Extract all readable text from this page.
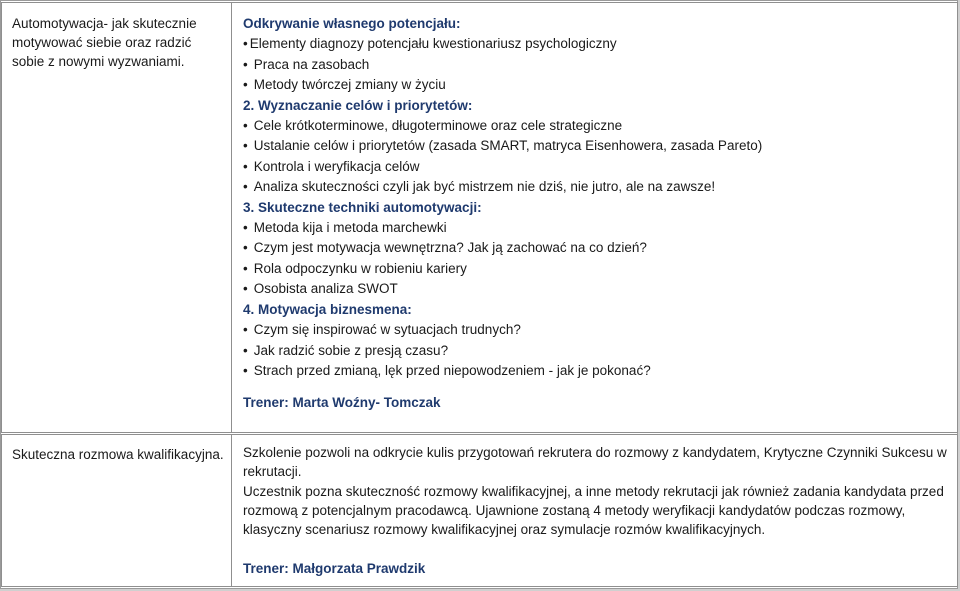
Automotywacja- jak skutecznie motywować siebie oraz radzić sobie z nowymi wyzwaniami.
Odkrywanie własnego potencjału:
• Elementy diagnozy potencjału kwestionariusz psychologiczny
• Praca na zasobach
• Metody twórczej zmiany w życiu
2. Wyznaczanie celów i priorytetów:
• Cele krótkoterminowe, długoterminowe oraz cele strategiczne
• Ustalanie celów i priorytetów (zasada SMART, matryca Eisenhowera, zasada Pareto)
• Kontrola i weryfikacja celów
• Analiza skuteczności czyli jak być mistrzem nie dziś, nie jutro, ale na zawsze!
3. Skuteczne techniki automotywacji:
• Metoda kija i metoda marchewki
• Czym jest motywacja wewnętrzna? Jak ją zachować na co dzień?
• Rola odpoczynku w robieniu kariery
• Osobista analiza SWOT
4. Motywacja biznesmena:
• Czym się inspirować w sytuacjach trudnych?
• Jak radzić sobie z presją czasu?
• Strach przed zmianą, lęk przed niepowodzeniem - jak je pokonać?
Trener: Marta Woźny- Tomczak
Skuteczna rozmowa kwalifikacyjna. Szkolenie pozwoli na odkrycie kulis przygotowań rekrutera do rozmowy z kandydatem, Krytyczne Czynniki Sukcesu w rekrutacji.
Uczestnik pozna skuteczność rozmowy kwalifikacyjnej, a inne metody rekrutacji jak również zadania kandydata przed rozmową z potencjalnym pracodawcą. Ujawnione zostaną 4 metody weryfikacji kandydatów podczas rozmowy, klasyczny scenariusz rozmowy kwalifikacyjnej oraz symulacje rozmów kwalifikacyjnych.
Trener: Małgorzata Prawdzik
